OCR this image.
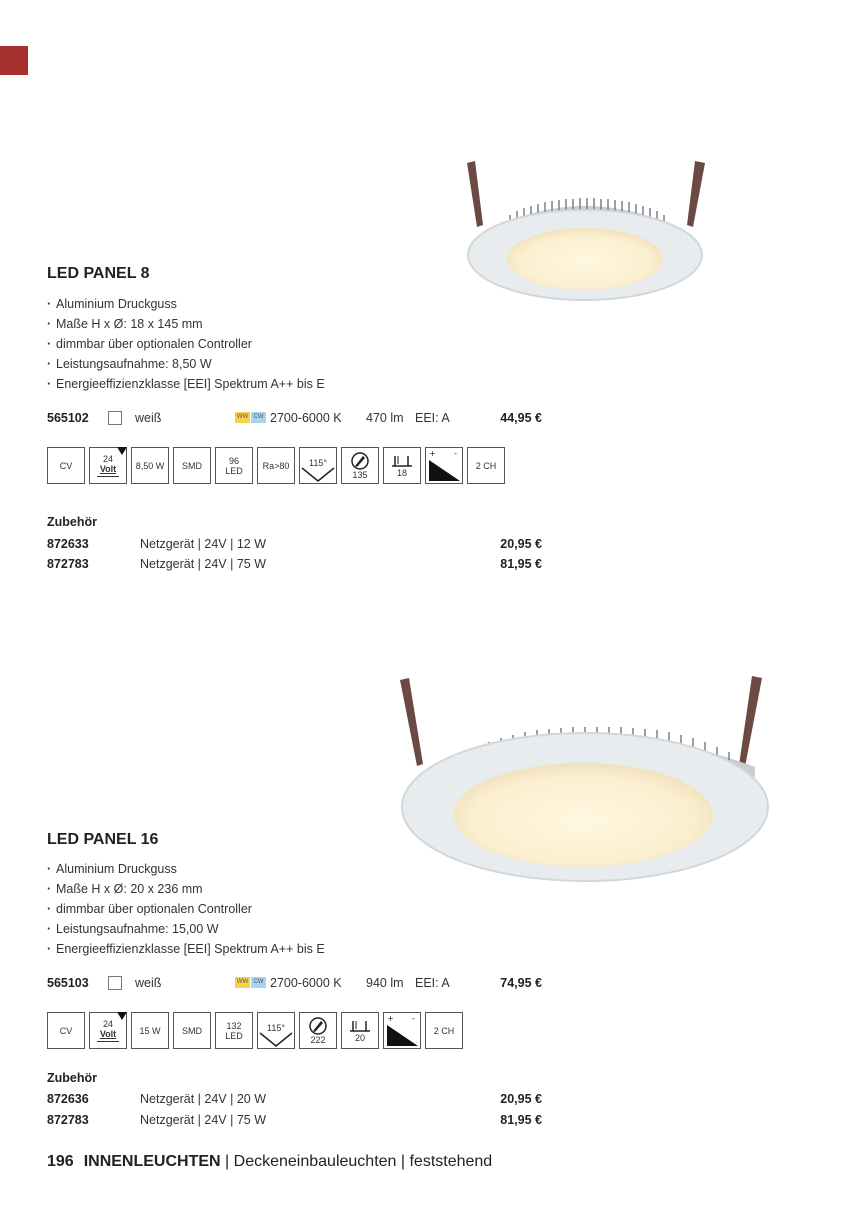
LED PANEL 8
· Aluminium Druckguss
· Maße H x Ø: 18 x 145 mm
· dimmbar über optionalen Controller
· Leistungsaufnahme: 8,50 W
· Energieeffizienzklasse [EEI] Spektrum A++ bis E
565102	weiß	WW CW 2700-6000 K 470 lm EEI: A	44,95 €
CV
24
Volt 8,50 W SMD	96
LED Ra>80 115°
135	18
+ -
2 CH
Zubehör
872633	Netzgerät | 24V | 12 W	20,95 €
872783	Netzgerät | 24V | 75 W	81,95 €
LED PANEL 16
· Aluminium Druckguss
· Maße H x Ø: 20 x 236 mm
· dimmbar über optionalen Controller
· Leistungsaufnahme: 15,00 W
· Energieeffizienzklasse [EEI] Spektrum A++ bis E
565103	weiß	WW CW 2700-6000 K 940 lm EEI: A	74,95 €
CV
24
Volt	15 W SMD	132
LED
115°
222	20
+ -
2 CH
Zubehör
872636	Netzgerät | 24V | 20 W	20,95 €
872783	Netzgerät | 24V | 75 W	81,95 €
196 INNENLEUCHTEN | Deckeneinbauleuchten | feststehend
